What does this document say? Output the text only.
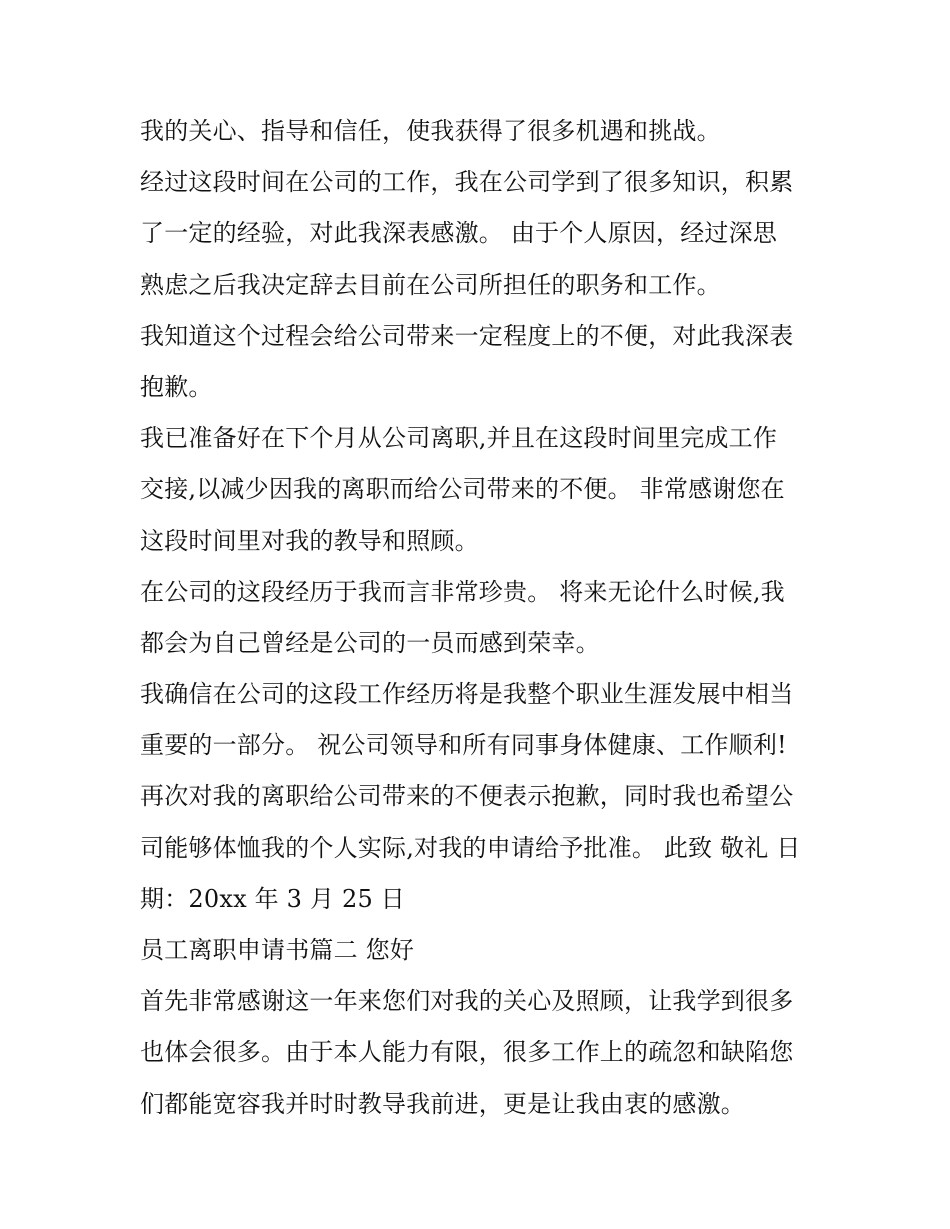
我的关心、指导和信任，使我获得了很多机遇和挑战。
经过这段时间在公司的工作，我在公司学到了很多知识，积累
了一定的经验，对此我深表感激。 由于个人原因，经过深思
熟虑之后我决定辞去目前在公司所担任的职务和工作。
我知道这个过程会给公司带来一定程度上的不便，对此我深表
抱歉。
我已准备好在下个月从公司离职,并且在这段时间里完成工作
交接,以减少因我的离职而给公司带来的不便。 非常感谢您在
这段时间里对我的教导和照顾。
在公司的这段经历于我而言非常珍贵。 将来无论什么时候,我
都会为自己曾经是公司的一员而感到荣幸。
我确信在公司的这段工作经历将是我整个职业生涯发展中相当
重要的一部分。 祝公司领导和所有同事身体健康、工作顺利!
再次对我的离职给公司带来的不便表示抱歉，同时我也希望公
司能够体恤我的个人实际,对我的申请给予批准。 此致 敬礼 日
期：20xx 年 3 月 25 日
员工离职申请书篇二 您好
首先非常感谢这一年来您们对我的关心及照顾，让我学到很多
也体会很多。由于本人能力有限，很多工作上的疏忽和缺陷您
们都能宽容我并时时教导我前进，更是让我由衷的感激。
